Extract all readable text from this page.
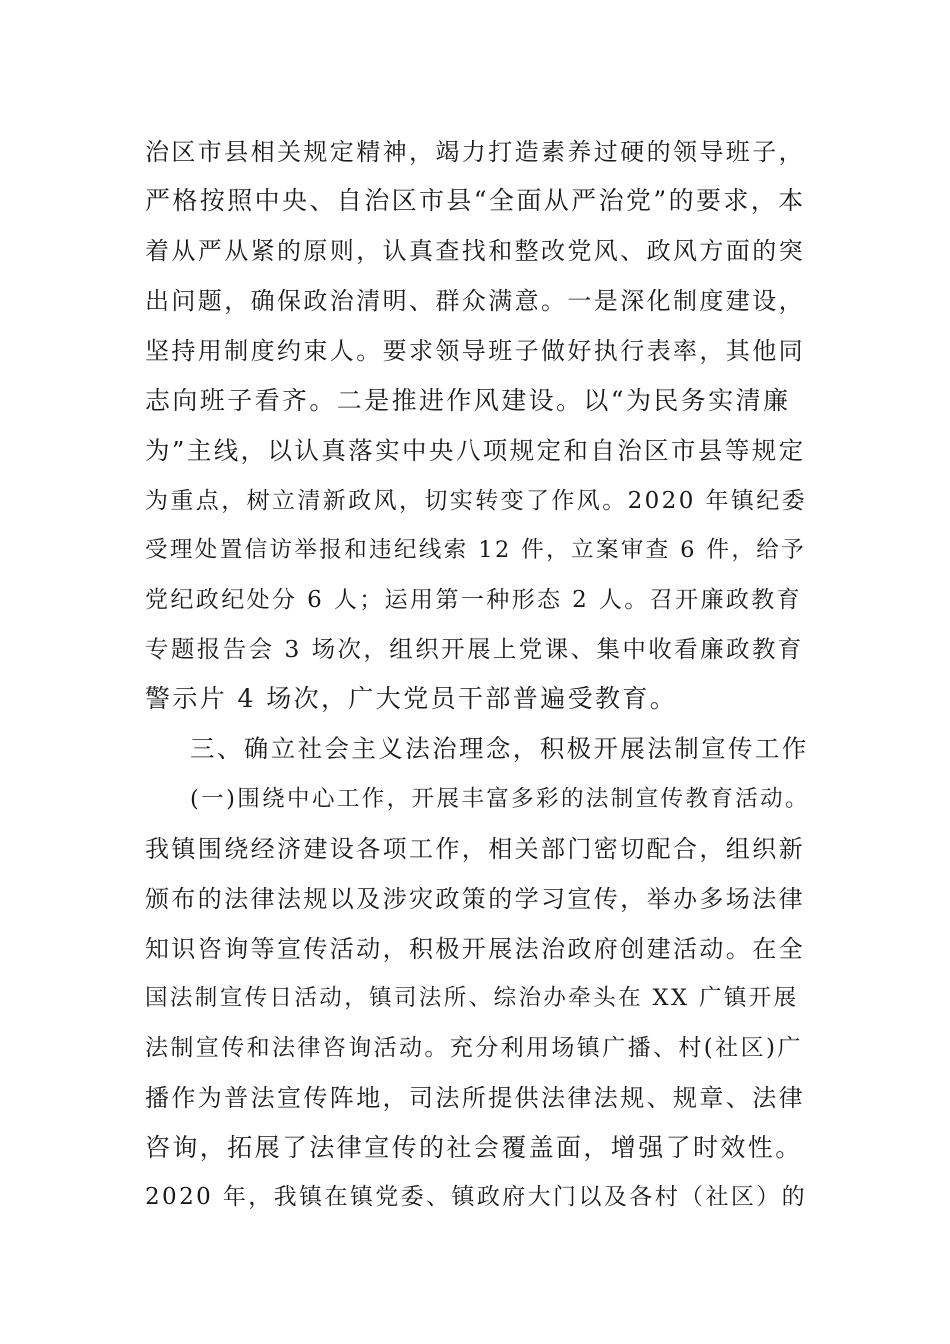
治区市县相关规定精神，竭力打造素养过硬的领导班子，
严格按照中央、自治区市县“全面从严治党”的要求，本
着从严从紧的原则，认真查找和整改党风、政风方面的突
出问题，确保政治清明、群众满意。一是深化制度建设，
坚持用制度约束人。要求领导班子做好执行表率，其他同
志向班子看齐。二是推进作风建设。以“为民务实清廉
为”主线，以认真落实中央八项规定和自治区市县等规定
为重点，树立清新政风，切实转变了作风。2020 年镇纪委
受理处置信访举报和违纪线索 12 件，立案审查 6 件，给予
党纪政纪处分 6 人；运用第一种形态 2 人。召开廉政教育
专题报告会 3 场次，组织开展上党课、集中收看廉政教育
警示片 4 场次，广大党员干部普遍受教育。
三、确立社会主义法治理念，积极开展法制宣传工作
(一)围绕中心工作，开展丰富多彩的法制宣传教育活动。
我镇围绕经济建设各项工作，相关部门密切配合，组织新
颁布的法律法规以及涉灾政策的学习宣传，举办多场法律
知识咨询等宣传活动，积极开展法治政府创建活动。在全
国法制宣传日活动，镇司法所、综治办牵头在 XX 广镇开展
法制宣传和法律咨询活动。充分利用场镇广播、村(社区)广
播作为普法宣传阵地，司法所提供法律法规、规章、法律
咨询，拓展了法律宣传的社会覆盖面，增强了时效性。
2020 年，我镇在镇党委、镇政府大门以及各村（社区）的
